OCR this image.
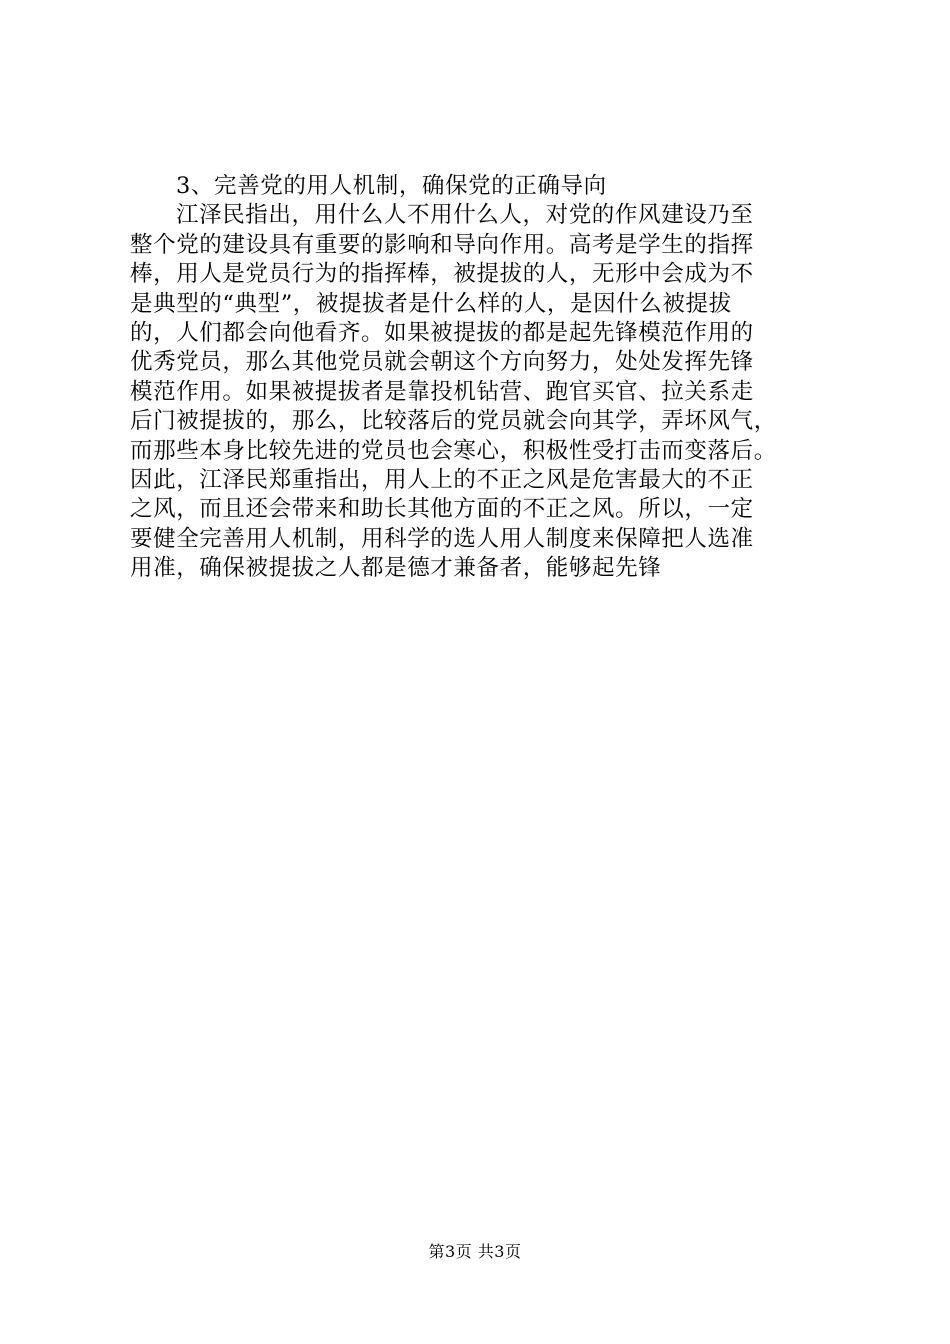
3、完善党的用人机制，确保党的正确导向
江泽民指出，用什么人不用什么人，对党的作风建设乃至
整个党的建设具有重要的影响和导向作用。高考是学生的指挥
棒，用人是党员行为的指挥棒，被提拔的人，无形中会成为不
是典型的“典型”，被提拔者是什么样的人，是因什么被提拔
的，人们都会向他看齐。如果被提拔的都是起先锋模范作用的
优秀党员，那么其他党员就会朝这个方向努力，处处发挥先锋
模范作用。如果被提拔者是靠投机钻营、跑官买官、拉关系走
后门被提拔的，那么，比较落后的党员就会向其学，弄坏风气，
而那些本身比较先进的党员也会寒心，积极性受打击而变落后。
因此，江泽民郑重指出，用人上的不正之风是危害最大的不正
之风，而且还会带来和助长其他方面的不正之风。所以，一定
要健全完善用人机制，用科学的选人用人制度来保障把人选准
用准，确保被提拔之人都是德才兼备者，能够起先锋
第3页 共3页
